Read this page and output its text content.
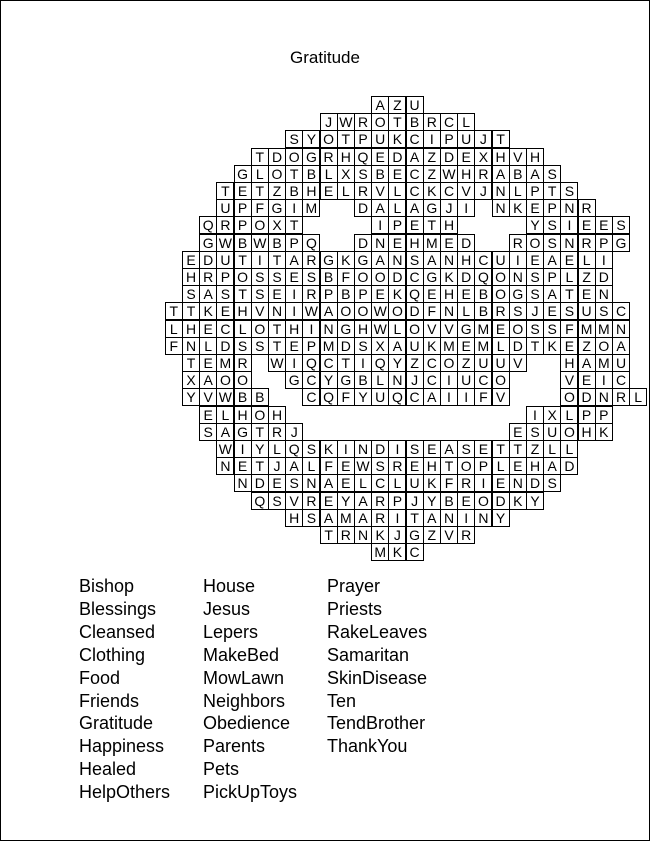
Gratitude
A Z U
J W R O T B R C L
S Y O T P U K C I P U J T
T D O G R H Q E D A Z D E X H V H
G L O T B L X S B E C Z W H R A B A S
T E T Z B H E L R V L C K C V J N L P T S
U P F G I M	D A L A G J I	N K E P N R
Q R P O X T	I P E T H	Y S I E E S
G W B W B P Q	D N E H M E D	R O S N R P G
E D U T I T A R G K G A N S A N H C U I E A E L I
H R P O S S E S B F O O D C G K D Q O N S P L Z D
S A S T S E I R P B P E K Q E H E B O G S A T E N
T T K E H V N I W A O O W O D F N L B R S J E S U S C
L H E C L O T H I N G H W L O V V G M E O S S F M M N
F N L D S S T E P M D S X A U K M E M L D T K E Z O A
T E M R W I Q C T I Q Y Z C O Z U U V	H A M U
X A O O	G C Y G B L N J C I U C O	V E I C
Y V W B B	C Q F Y U Q C A I I F V	O D N R L
E L H O H	I X L P P
S A G T R J	E S U O H K
W I Y L Q S K I N D I S E A S E T T Z L L
N E T J A L F E W S R E H T O P L E H A D
N D E S N A E L C L U K F R I E N D S
Q S V R E Y A R P J Y B E O D K Y
H S A M A R I T A N I N Y
T R N K J G Z V R
M K C
Bishop
Blessings
Cleansed
Clothing
Food
Friends
Gratitude
Happiness
Healed
HelpOthers
House
Jesus
Lepers
MakeBed
MowLawn
Neighbors
Obedience
Parents
Pets
PickUpToys
Prayer
Priests
RakeLeaves
Samaritan
SkinDisease
Ten
TendBrother
ThankYou
